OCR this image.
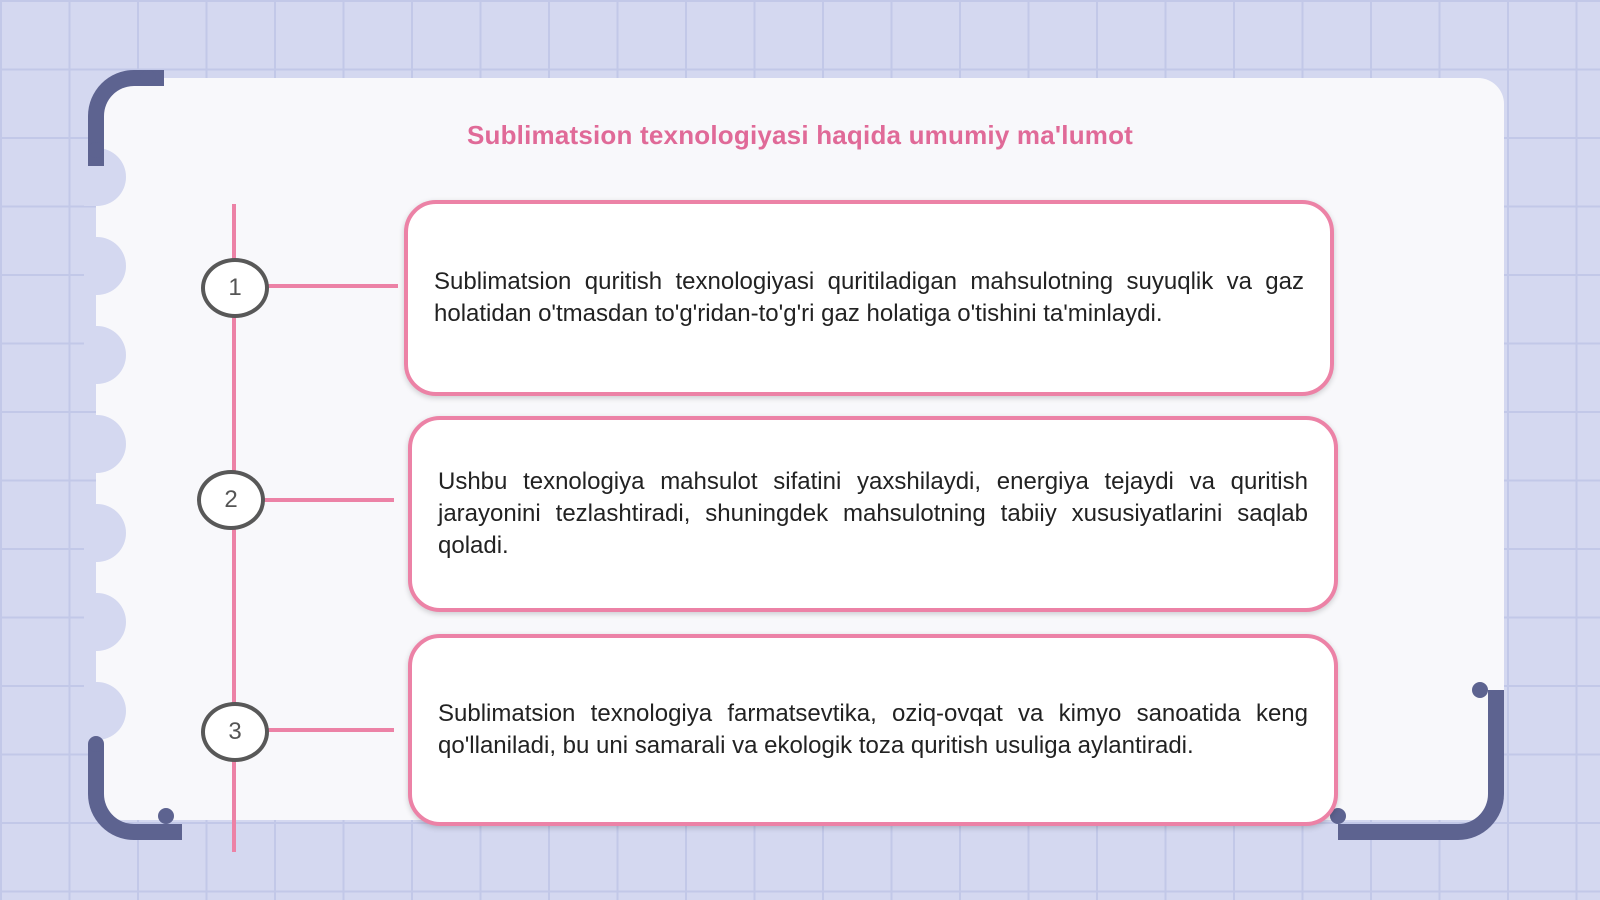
Sublimatsion texnologiyasi haqida umumiy ma'lumot
1
2
3
Sublimatsion quritish texnologiyasi quritiladigan mahsulotning suyuqlik va gaz holatidan o'tmasdan to'g'ridan-to'g'ri gaz holatiga o'tishini ta'minlaydi.
Ushbu texnologiya mahsulot sifatini yaxshilaydi, energiya tejaydi va quritish jarayonini tezlashtiradi, shuningdek mahsulotning tabiiy xususiyatlarini saqlab qoladi.
Sublimatsion texnologiya farmatsevtika, oziq-ovqat va kimyo sanoatida keng qo'llaniladi, bu uni samarali va ekologik toza quritish usuliga aylantiradi.
